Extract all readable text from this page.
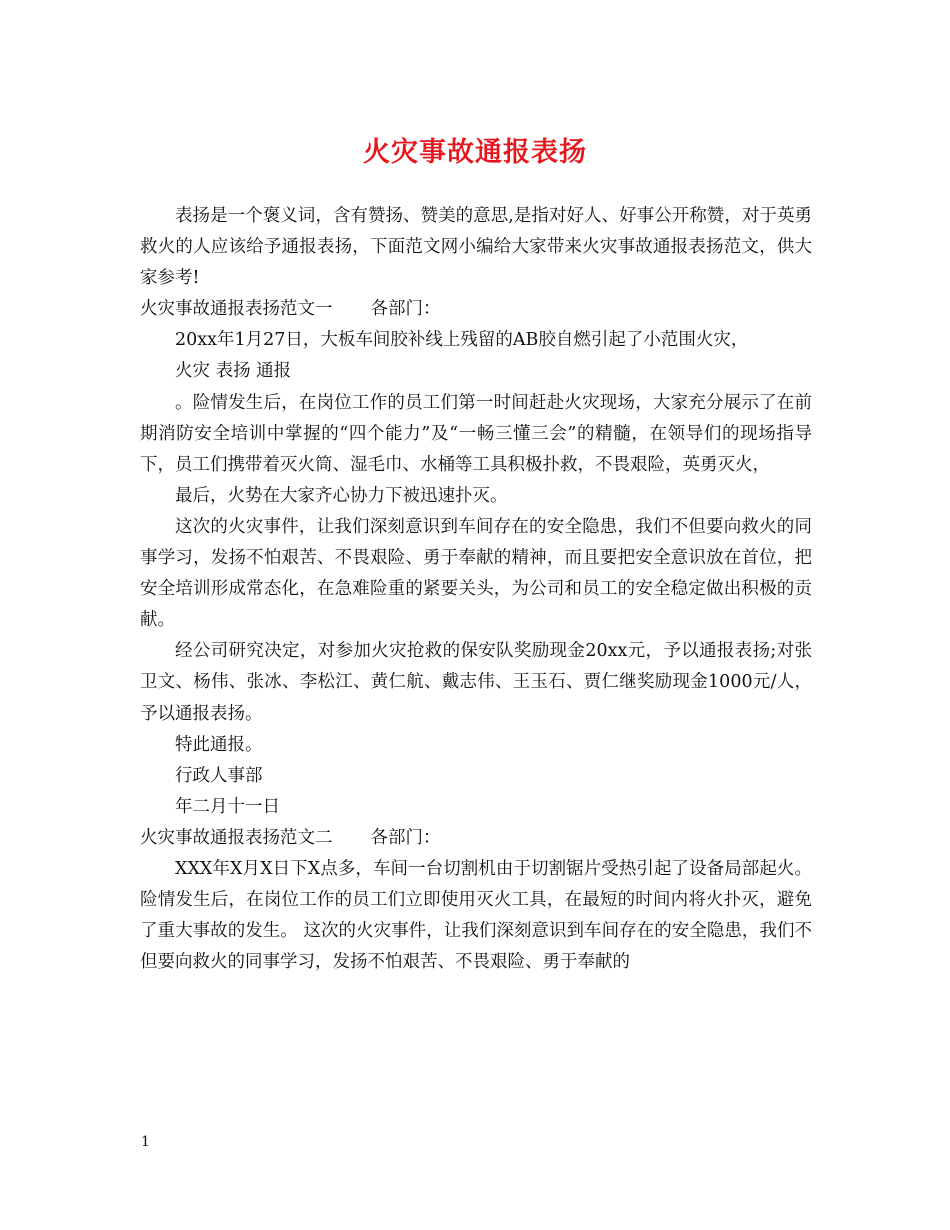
火灾事故通报表扬

表扬是一个褒义词，含有赞扬、赞美的意思,是指对好人、好事公开称赞，对于英勇救火的人应该给予通报表扬，下面范文网小编给大家带来火灾事故通报表扬范文，供大家参考!

火灾事故通报表扬范文一 各部门：

20xx年1月27日，大板车间胶补线上残留的AB胶自燃引起了小范围火灾，

火灾 表扬 通报

。险情发生后，在岗位工作的员工们第一时间赶赴火灾现场，大家充分展示了在前期消防安全培训中掌握的“四个能力”及“一畅三懂三会”的精髓，在领导们的现场指导下，员工们携带着灭火筒、湿毛巾、水桶等工具积极扑救，不畏艰险，英勇灭火，

最后，火势在大家齐心协力下被迅速扑灭。

这次的火灾事件，让我们深刻意识到车间存在的安全隐患，我们不但要向救火的同事学习，发扬不怕艰苦、不畏艰险、勇于奉献的精神，而且要把安全意识放在首位，把安全培训形成常态化，在急难险重的紧要关头，为公司和员工的安全稳定做出积极的贡献。

经公司研究决定，对参加火灾抢救的保安队奖励现金20xx元，予以通报表扬;对张卫文、杨伟、张冰、李松江、黄仁航、戴志伟、王玉石、贾仁继奖励现金1000元/人，予以通报表扬。

特此通报。

行政人事部

年二月十一日

火灾事故通报表扬范文二 各部门：

XXX年X月X日下X点多，车间一台切割机由于切割锯片受热引起了设备局部起火。险情发生后，在岗位工作的员工们立即使用灭火工具，在最短的时间内将火扑灭，避免了重大事故的发生。 这次的火灾事件，让我们深刻意识到车间存在的安全隐患，我们不但要向救火的同事学习，发扬不怕艰苦、不畏艰险、勇于奉献的

1
